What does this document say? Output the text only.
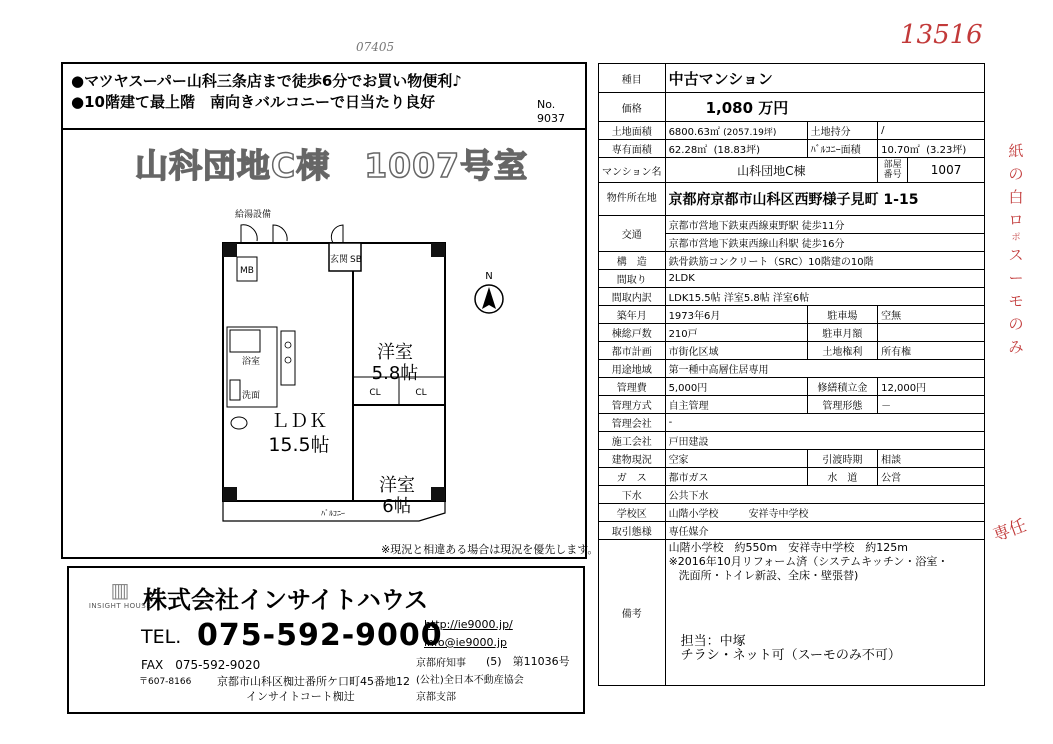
07405	13516
紙
の
白
ロ
ポ
スーモのみ
専任
●マツヤスーパー山科三条店まで徒歩6分でお買い物便利♪
●10階建て最上階　南向きバルコニーで日当たり良好	No.
9037
山科団地C棟　1007号室
玄関 SB
給湯設備
MB
浴室
洗面	CL	CL
ﾊﾞﾙｺﾆｰ
ＬＤＫ
15.5帖
洋室
5.8帖
洋室
6帖
N
※現況と相違ある場合は現況を優先します。
▥
INSIGHT HOUSE
株式会社インサイトハウス
TEL. 075-592-9000
http://ie9000.jp/
info@ie9000.jp
FAX　075-592-9020	京都府知事 (5)　第11036号
〒607-8166 京都市山科区椥辻番所ケ口町45番地12 (公社)全日本不動産協会
インサイトコート椥辻	京都支部
種目	中古マンション			
価格	1,080 万円			
土地面積	6800.63㎡ (2057.19坪)	土地持分	/	
専有面積	62.28㎡ (18.83坪)	ﾊﾞﾙｺﾆｰ面積	10.70㎡ (3.23坪)	
マンション名	山科団地C棟		部屋番号	1007
物件所在地	京都府京都市山科区西野様子見町 1-15			
交通	京都市営地下鉄東西線東野駅 徒歩11分			
	京都市営地下鉄東西線山科駅 徒歩16分			
構　造	鉄骨鉄筋コンクリート（SRC）10階建の10階			
間取り	2LDK			
間取内訳	LDK15.5帖 洋室5.8帖 洋室6帖			
築年月	1973年6月	駐車場	空無	
棟総戸数	210戸	駐車月額		
都市計画	市街化区域	土地権利	所有権	
用途地域	第一種中高層住居専用			
管理費	5,000円	修繕積立金	12,000円	
管理方式	自主管理	管理形態	－	
管理会社	-			
施工会社	戸田建設			
建物現況	空家	引渡時期	相談	
ガ　ス	都市ガス	水　道	公営	
下水	公共下水			
学校区	山階小学校　　　安祥寺中学校			
取引態様	専任媒介			
備考	山階小学校　約550m　安祥寺中学校　約125m
※2016年10月リフォーム済（システムキッチン・浴室・
洗面所・トイレ新設、全床・壁張替)
担当：中塚
チラシ・ネット可（スーモのみ不可）			
